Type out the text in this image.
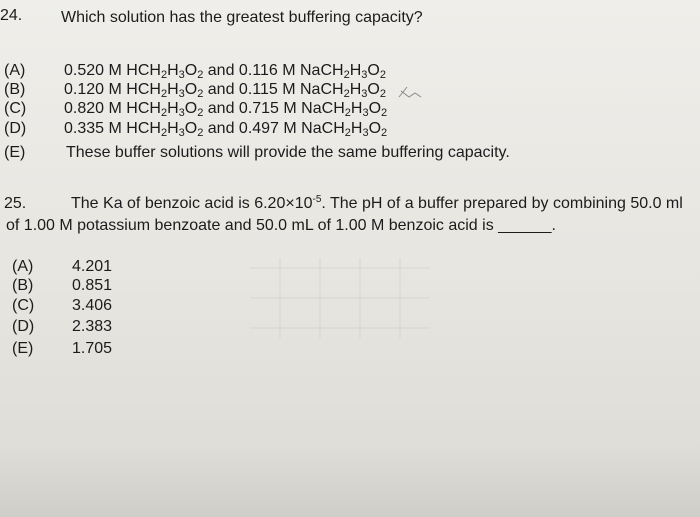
24. Which solution has the greatest buffering capacity?
(A) 0.520 M $HCH_2H_3O_2$ and 0.116 M $NaCH_2H_3O_2$
(B) 0.120 M $HCH_2H_3O_2$ and 0.115 M $NaCH_2H_3O_2$
(C) 0.820 M $HCH_2H_3O_2$ and 0.715 M $NaCH_2H_3O_2$
(D) 0.335 M $HCH_2H_3O_2$ and 0.497 M $NaCH_2H_3O_2$
(E)	These buffer solutions will provide the same buffering capacity.
25.	The Ka of benzoic acid is $6.20\times 10^{-5}$. The pH of a buffer prepared by combining 50.0 ml
of 1.00 M potassium benzoate and 50.0 mL of 1.00 M benzoic acid is ______.
(A) 4.201
(B) 0.851
(C) 3.406
(D) 2.383
(E) 1.705
